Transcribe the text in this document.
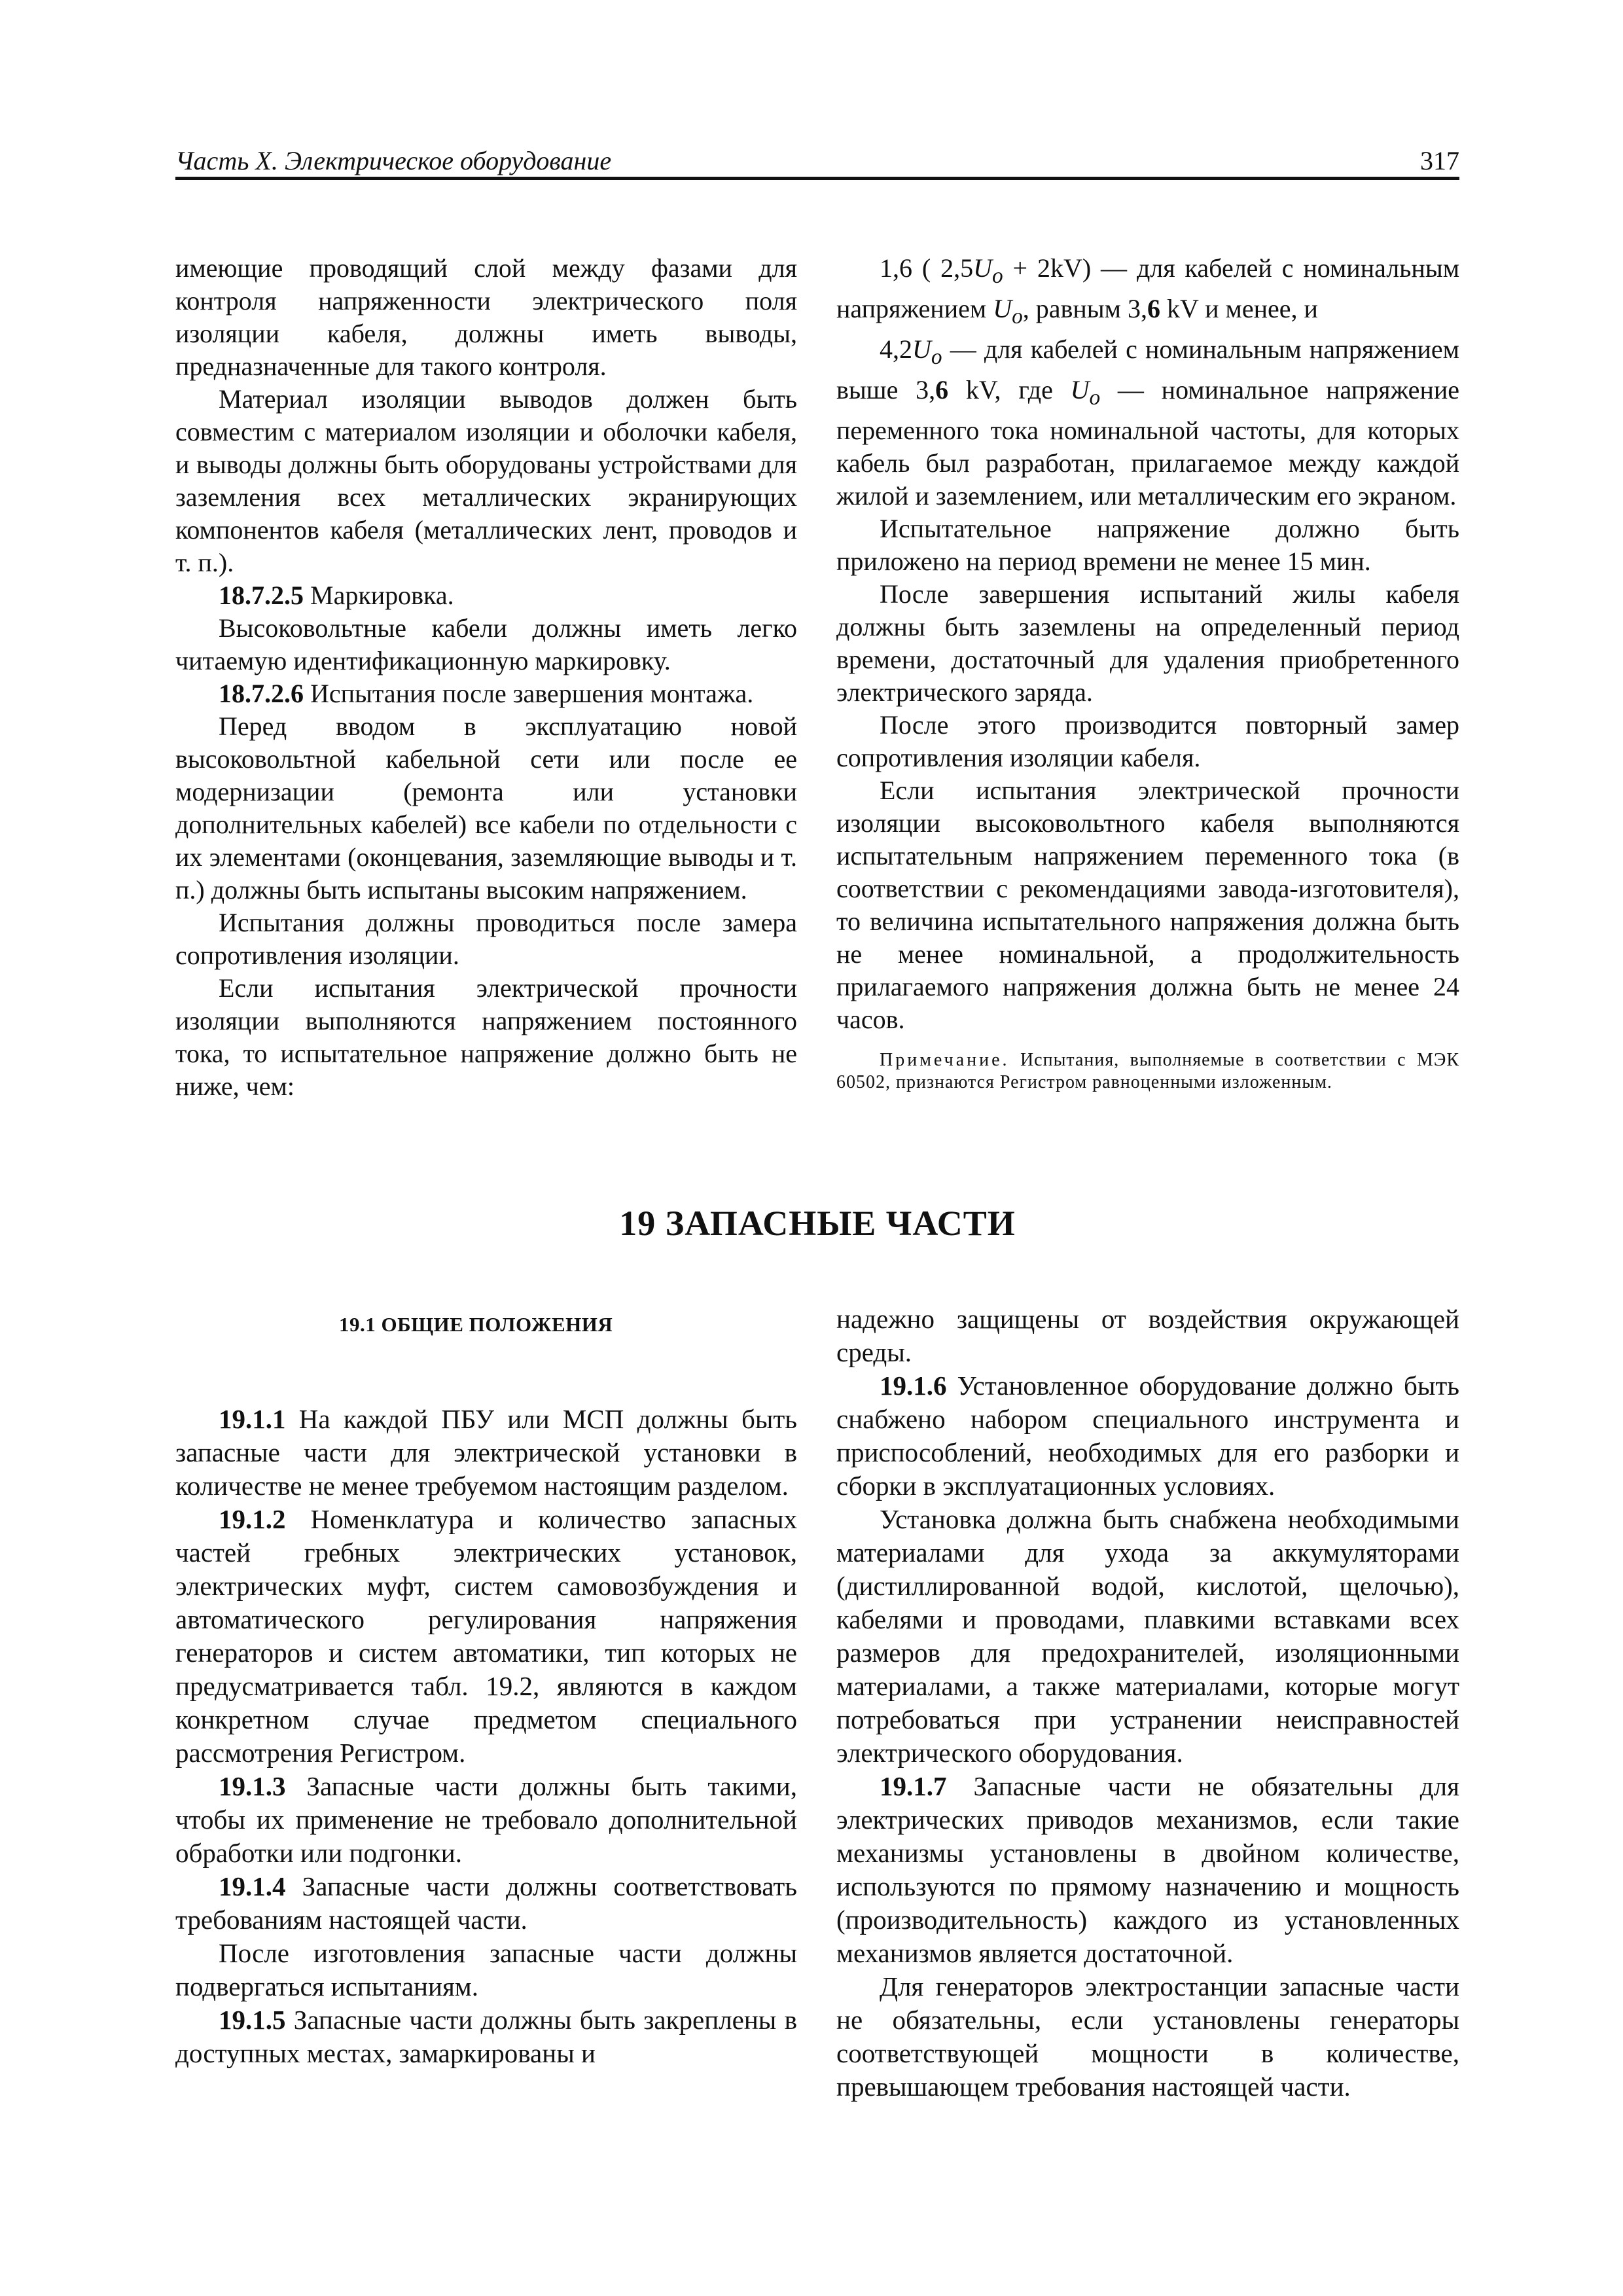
Часть X. Электрическое оборудование	317

имеющие проводящий слой между фазами для контроля напряженности электрического поля изоляции кабеля, должны иметь выводы, предназначенные для такого контроля.

Материал изоляции выводов должен быть совместим с материалом изоляции и оболочки кабеля, и выводы должны быть оборудованы устройствами для заземления всех металлических экранирующих компонентов кабеля (металлических лент, проводов и т. п.).

18.7.2.5 Маркировка.

Высоковольтные кабели должны иметь легко читаемую идентификационную маркировку.

18.7.2.6 Испытания после завершения монтажа.

Перед вводом в эксплуатацию новой высоковольтной кабельной сети или после ее модернизации (ремонта или установки дополнительных кабелей) все кабели по отдельности с их элементами (оконцевания, заземляющие выводы и т. п.) должны быть испытаны высоким напряжением.

Испытания должны проводиться после замера сопротивления изоляции.

Если испытания электрической прочности изоляции выполняются напряжением постоянного тока, то испытательное напряжение должно быть не ниже, чем:

1,6 ( $2,5U_o + 2kV$) — для кабелей с номинальным напряжением $U_o$, равным 3,6 kV и менее, и

$4,2U_o$ — для кабелей с номинальным напряжением выше 3,6 kV, где $U_o$ — номинальное напряжение переменного тока номинальной частоты, для которых кабель был разработан, прилагаемое между каждой жилой и заземлением, или металлическим его экраном.

Испытательное напряжение должно быть приложено на период времени не менее 15 мин.

После завершения испытаний жилы кабеля должны быть заземлены на определенный период времени, достаточный для удаления приобретенного электрического заряда.

После этого производится повторный замер сопротивления изоляции кабеля.

Если испытания электрической прочности изоляции высоковольтного кабеля выполняются испытательным напряжением переменного тока (в соответствии с рекомендациями завода-изготовителя), то величина испытательного напряжения должна быть не менее номинальной, а продолжительность прилагаемого напряжения должна быть не менее 24 часов.

Примечание. Испытания, выполняемые в соответствии с МЭК 60502, признаются Регистром равноценными изложенным.

19 ЗАПАСНЫЕ ЧАСТИ
19.1 ОБЩИЕ ПОЛОЖЕНИЯ

19.1.1 На каждой ПБУ или МСП должны быть запасные части для электрической установки в количестве не менее требуемом настоящим разделом.

19.1.2 Номенклатура и количество запасных частей гребных электрических установок, электрических муфт, систем самовозбуждения и автоматического регулирования напряжения генераторов и систем автоматики, тип которых не предусматривается табл. 19.2, являются в каждом конкретном случае предметом специального рассмотрения Регистром.

19.1.3 Запасные части должны быть такими, чтобы их применение не требовало дополнительной обработки или подгонки.

19.1.4 Запасные части должны соответствовать требованиям настоящей части.

После изготовления запасные части должны подвергаться испытаниям.

19.1.5 Запасные части должны быть закреплены в доступных местах, замаркированы и

надежно защищены от воздействия окружающей среды.

19.1.6 Установленное оборудование должно быть снабжено набором специального инструмента и приспособлений, необходимых для его разборки и сборки в эксплуатационных условиях.

Установка должна быть снабжена необходимыми материалами для ухода за аккумуляторами (дистиллированной водой, кислотой, щелочью), кабелями и проводами, плавкими вставками всех размеров для предохранителей, изоляционными материалами, а также материалами, которые могут потребоваться при устранении неисправностей электрического оборудования.

19.1.7 Запасные части не обязательны для электрических приводов механизмов, если такие механизмы установлены в двойном количестве, используются по прямому назначению и мощность (производительность) каждого из установленных механизмов является достаточной.

Для генераторов электростанции запасные части не обязательны, если установлены генераторы соответствующей мощности в количестве, превышающем требования настоящей части.
